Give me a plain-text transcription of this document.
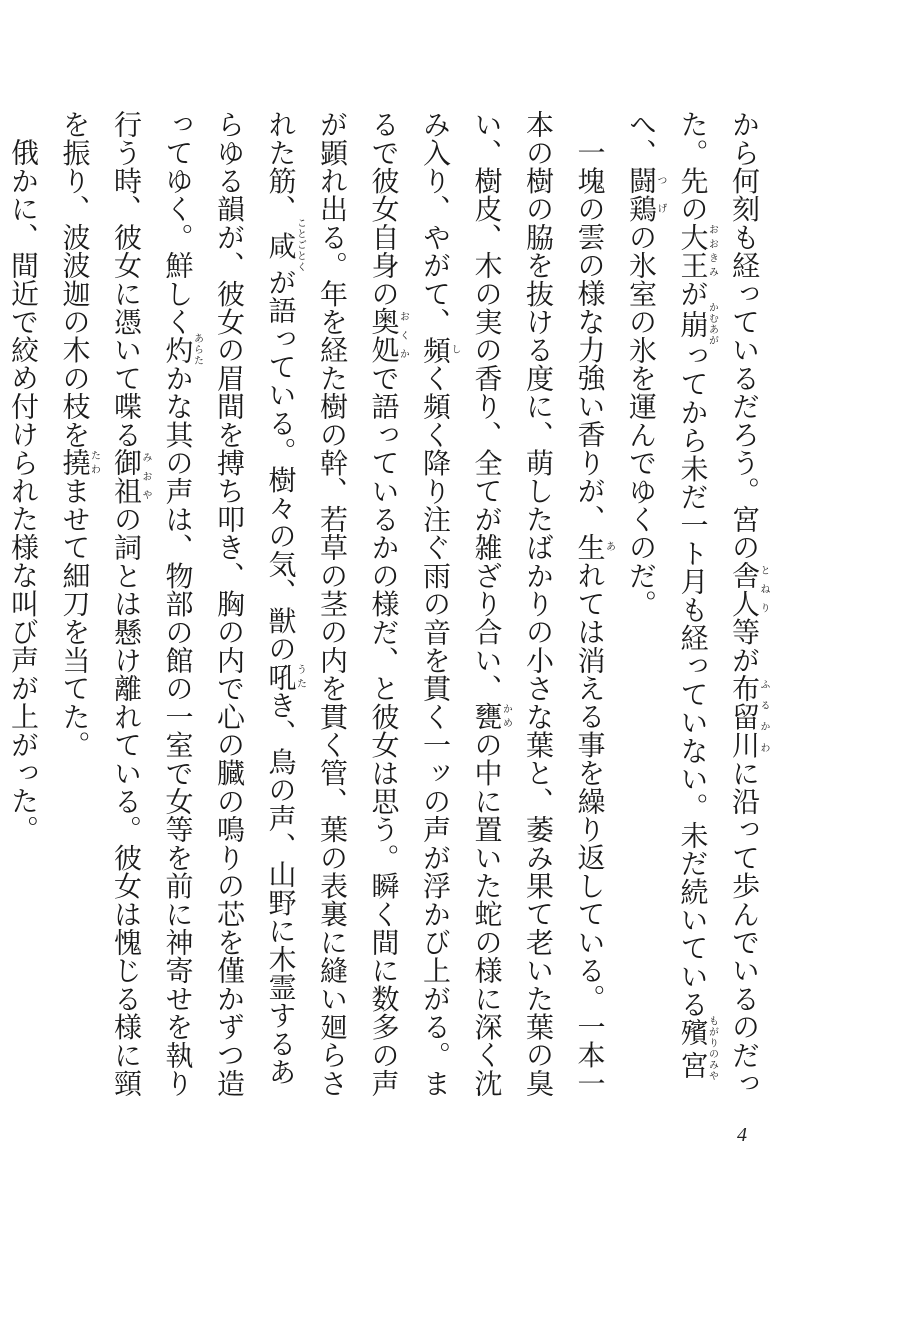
から何刻も経っているだろう。宮の舎人とねり等が布留川ふるかわに沿って歩んでいるのだった。先の大おお王きみが崩かむあがってから未だ一ト月も経っていない。未だ続いている殯宮もがりのみやへ、闘鶏つげの氷室の氷を運んでゆくのだ。

一塊の雲の様な力強い香りが、生あれては消える事を繰り返している。一本一本の樹の脇を抜ける度に、萌したばかりの小さな葉と、萎み果て老いた葉の臭い、樹皮、木の実の香り、全てが雑ざり合い、甕かめの中に置いた蛇の様に深く沈み入り、やがて、頻しく頻く降り注ぐ雨の音を貫く一ッの声が浮かび上がる。まるで彼女自身の奥処おくかで語っているかの様だ、と彼女は思う。瞬く間に数多の声が顕れ出る。年を経た樹の幹、若草の茎の内を貫く管、葉の表裏に縫い廻らされた筋、咸ことごとくが語っている。樹々の気、獣の吼うたき、鳥の声、山野に木霊するあらゆる韻が、彼女の眉間を搏ち叩き、胸の内で心の臓の鳴りの芯を僅かずつ造ってゆく。鮮しく灼あらたかな其の声は、物部の館の一室で女等を前に神寄せを執り行う時、彼女に憑いて喋る御祖みおやの詞とは懸け離れている。彼女は愧じる様に頸を振り、波波迦の木の枝を撓たわませて細刀を当てた。

俄かに、間近で絞め付けられた様な叫び声が上がった。

4
